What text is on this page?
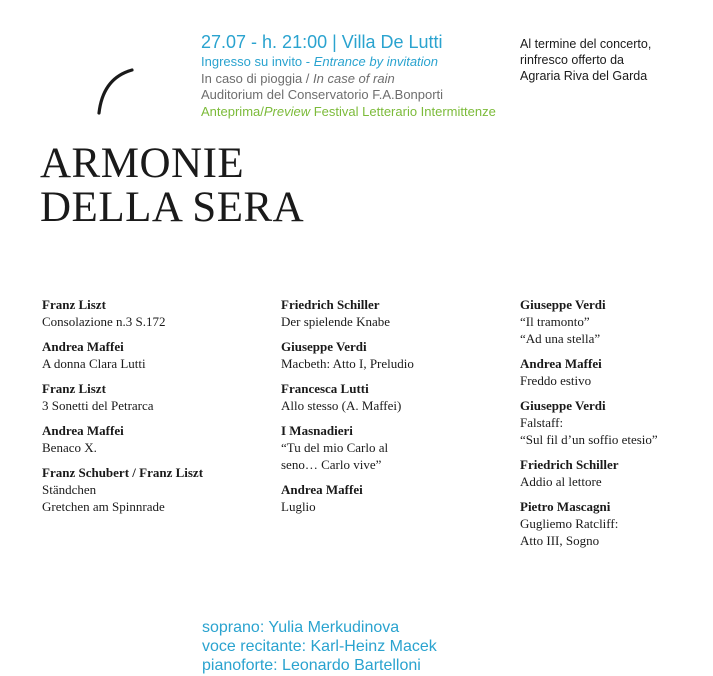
27.07 - h. 21:00 | Villa De Lutti
Ingresso su invito - Entrance by invitation
In caso di pioggia / In case of rain
Auditorium del Conservatorio F.A.Bonporti
Anteprima/Preview Festival Letterario Intermittenze
Al termine del concerto,
rinfresco offerto da
Agraria Riva del Garda
ARMONIE
DELLA SERA
Franz Liszt
Consolazione n.3 S.172
Andrea Maffei
A donna Clara Lutti
Franz Liszt
3 Sonetti del Petrarca
Andrea Maffei
Benaco X.
Franz Schubert / Franz Liszt
Ständchen
Gretchen am Spinnrade
Friedrich Schiller
Der spielende Knabe
Giuseppe Verdi
Macbeth: Atto I, Preludio
Francesca Lutti
Allo stesso (A. Maffei)
I Masnadieri
“Tu del mio Carlo al
seno… Carlo vive”
Andrea Maffei
Luglio
Giuseppe Verdi
“Il tramonto”
“Ad una stella”
Andrea Maffei
Freddo estivo
Giuseppe Verdi
Falstaff:
“Sul fil d’un soffio etesio”
Friedrich Schiller
Addio al lettore
Pietro Mascagni
Gugliemo Ratcliff:
Atto III, Sogno
soprano: Yulia Merkudinova
voce recitante: Karl-Heinz Macek
pianoforte: Leonardo Bartelloni
